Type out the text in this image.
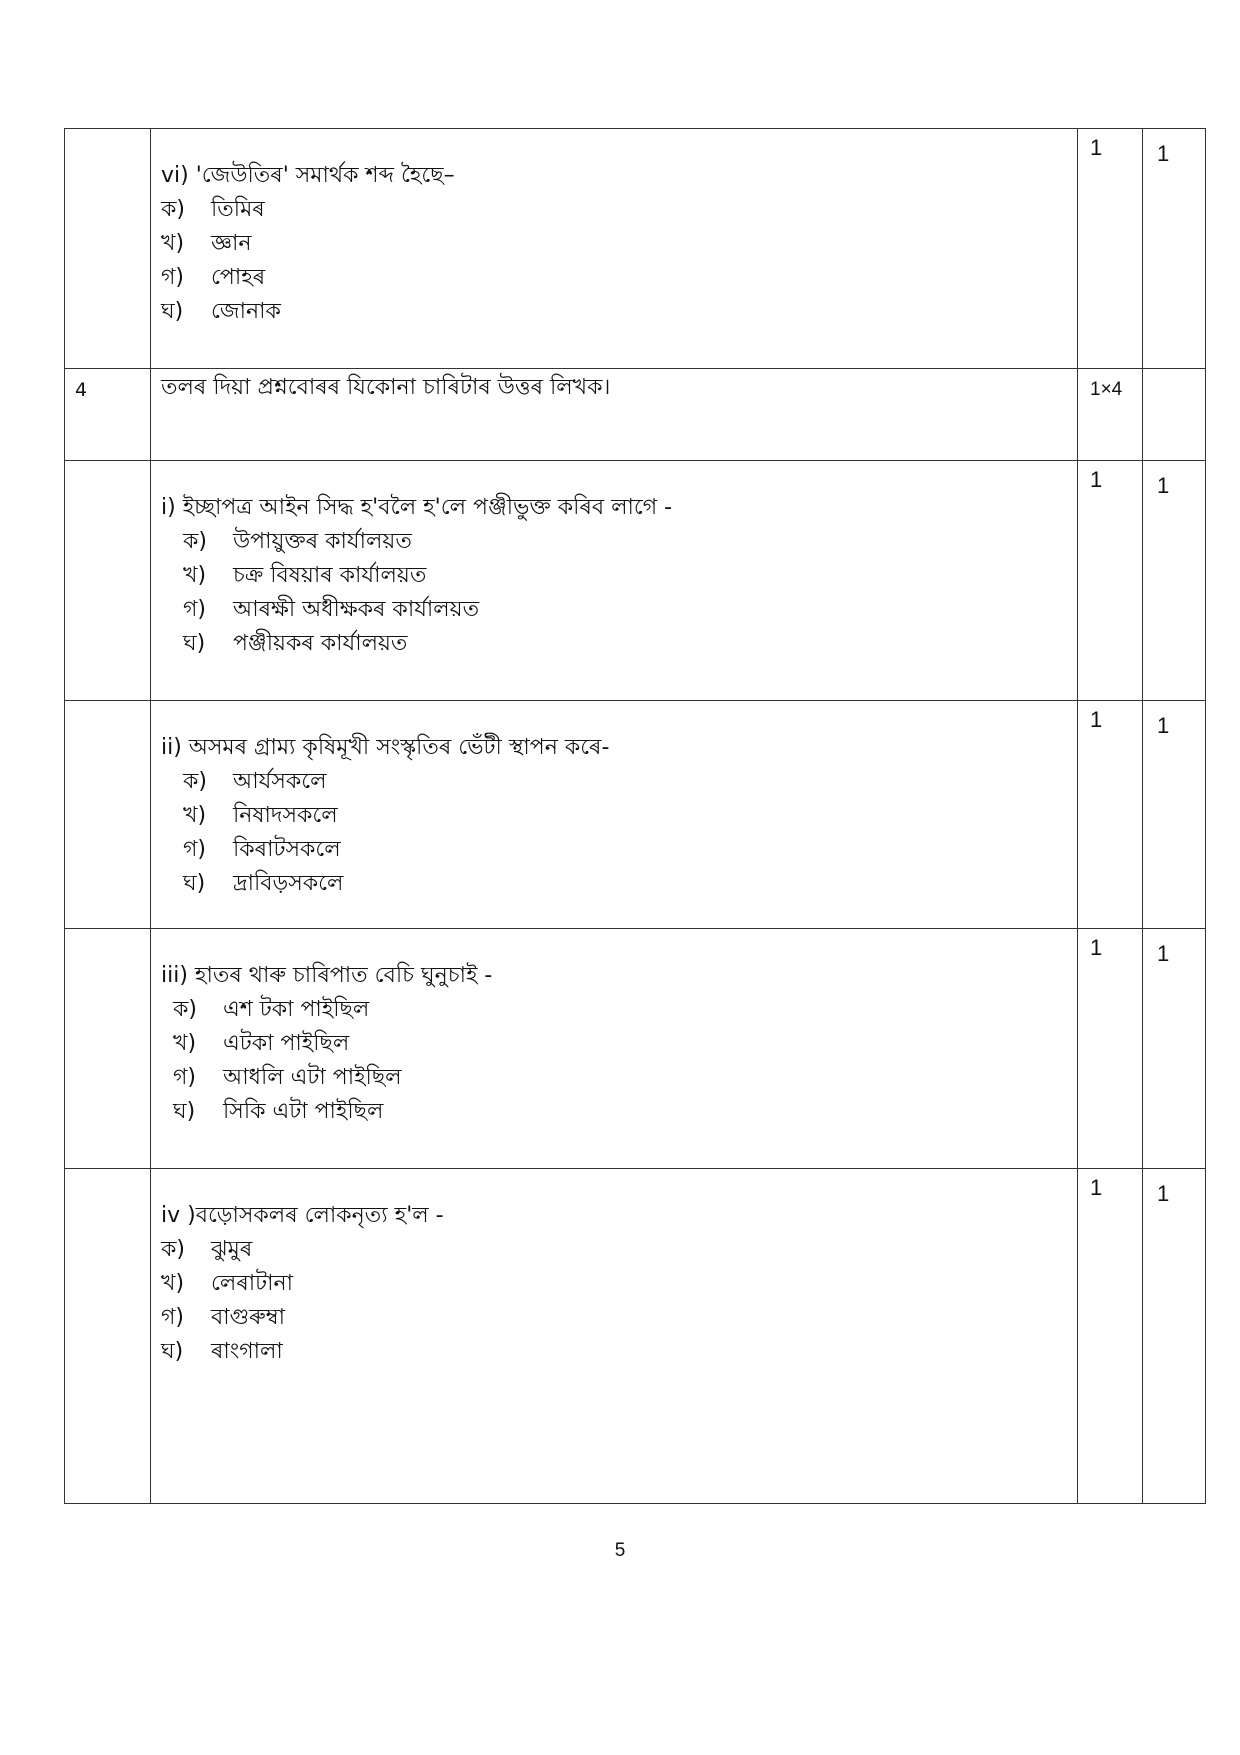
	vi) 'জেউতিৰ' সমাৰ্থক শব্দ হৈছে–
ক) তিমিৰ
খ) জ্ঞান
গ) পোহৰ
ঘ) জোনাক	1	1
4	তলৰ দিয়া প্ৰশ্নবোৰৰ যিকোনা চাৰিটাৰ উত্তৰ লিখক।	1×4	

	i) ইচ্ছাপত্ৰ আইন সিদ্ধ হ'বলৈ হ'লে পঞ্জীভুক্ত কৰিব লাগে -
ক) উপায়ুক্তৰ কাৰ্যালয়ত
খ) চক্ৰ বিষয়াৰ কাৰ্যালয়ত
গ) আৰক্ষী অধীক্ষকৰ কাৰ্যালয়ত
ঘ) পঞ্জীয়কৰ কাৰ্যালয়ত	1	1

	ii) অসমৰ গ্ৰাম্য কৃষিমূখী সংস্কৃতিৰ ভেঁটী স্থাপন কৰে-
ক) আৰ্যসকলে
খ) নিষাদসকলে
গ) কিৰাটসকলে
ঘ) দ্ৰাবিড়সকলে	1	1

	iii) হাতৰ থাৰু চাৰিপাত বেচি ঘুনুচাই -
ক) এশ টকা পাইছিল
খ) এটকা পাইছিল
গ) আধলি এটা পাইছিল
ঘ) সিকি এটা পাইছিল	1	1

	iv )বড়োসকলৰ লোকনৃত্য হ'ল -
ক) ঝুমুৰ
খ) লেৰাটানা
গ) বাগুৰুম্বা
ঘ) ৰাংগালা	1	1
5
